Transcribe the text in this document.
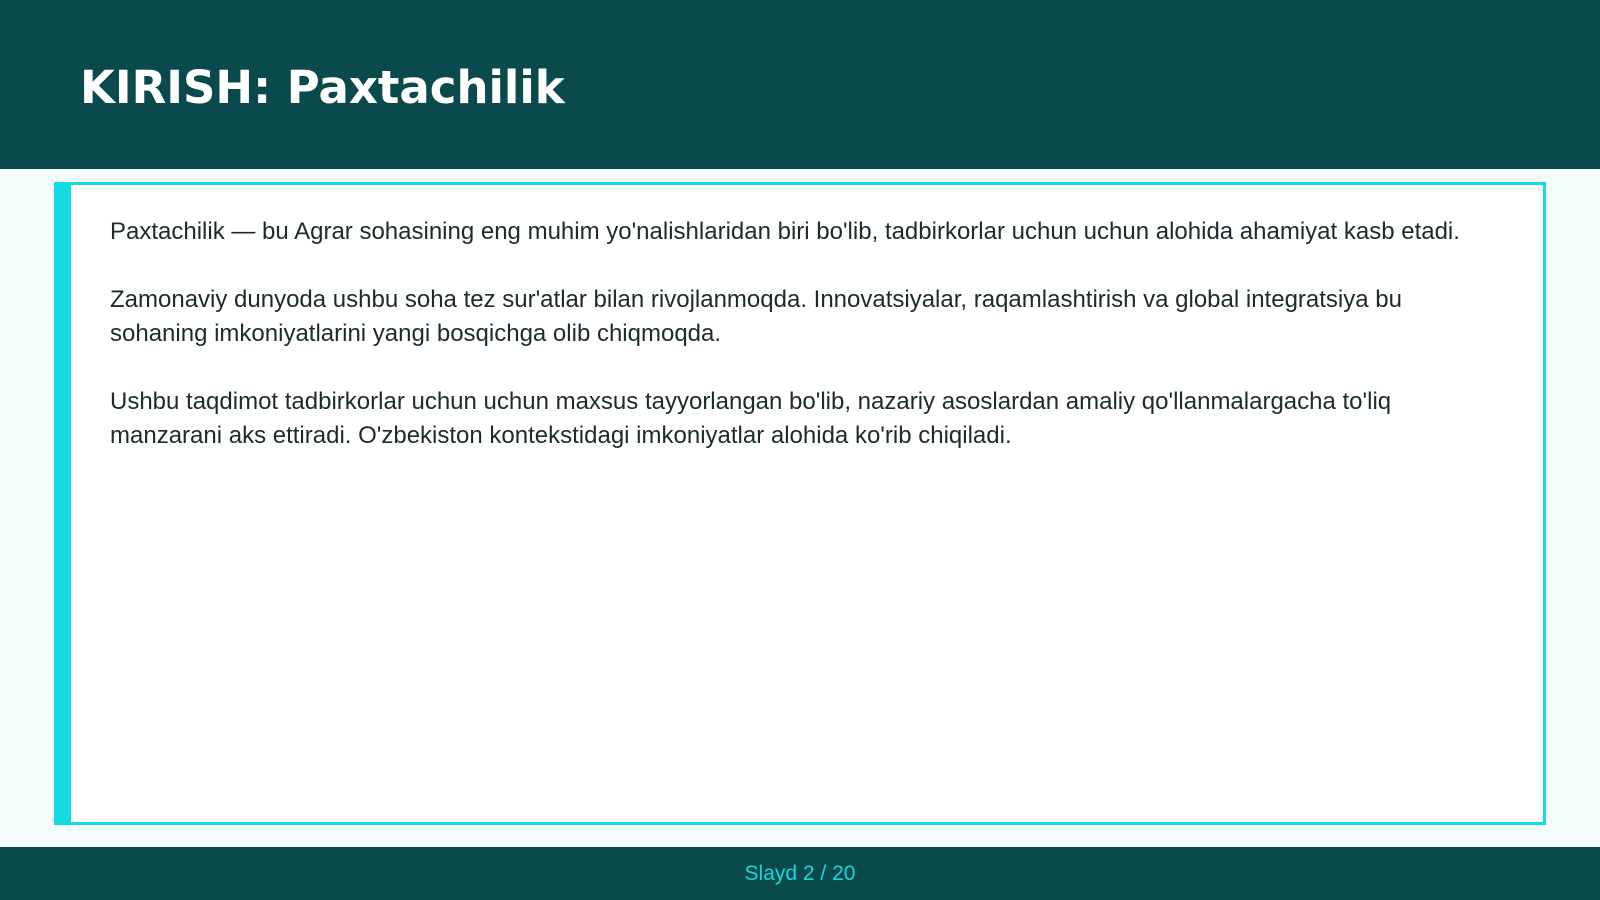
KIRISH: Paxtachilik

Paxtachilik — bu Agrar sohasining eng muhim yo'nalishlaridan biri bo'lib, tadbirkorlar uchun uchun alohida ahamiyat kasb etadi.

Zamonaviy dunyoda ushbu soha tez sur'atlar bilan rivojlanmoqda. Innovatsiyalar, raqamlashtirish va global integratsiya bu sohaning imkoniyatlarini yangi bosqichga olib chiqmoqda.

Ushbu taqdimot tadbirkorlar uchun uchun maxsus tayyorlangan bo'lib, nazariy asoslardan amaliy qo'llanmalargacha to'liq manzarani aks ettiradi. O'zbekiston kontekstidagi imkoniyatlar alohida ko'rib chiqiladi.

Slayd 2 / 20
